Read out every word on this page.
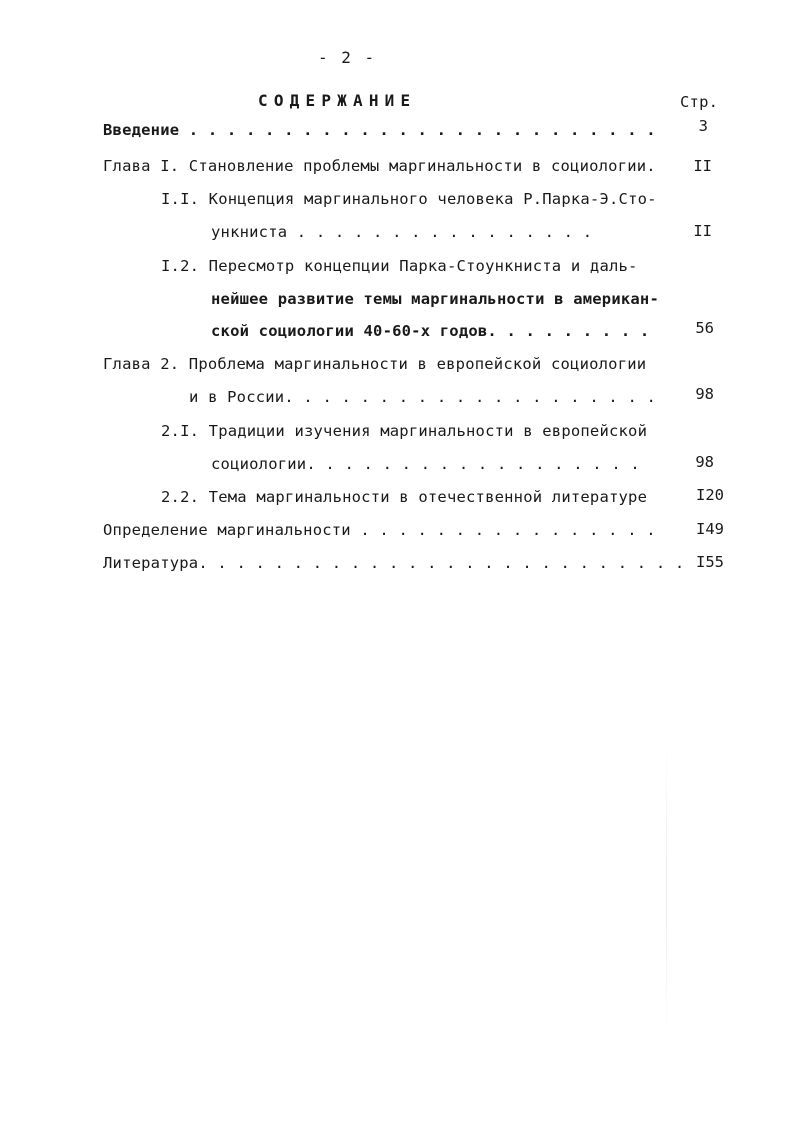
- 2 -
СОДЕРЖАНИЕ	Стр.
Введение . . . . . . . . . . . . . . . . . . . . . . . . .	3
Глава I. Становление проблемы маргинальности в социологии.	II
I.I. Концепция маргинального человека Р.Парка-Э.Сто-
ункниста . . . . . . . . . . . . . . . .	II
I.2. Пересмотр концепции Парка-Стоункниста и даль-
нейшее развитие темы маргинальности в американ-
ской социологии 40-60-х годов. . . . . . . . .	56
Глава 2. Проблема маргинальности в европейской социологии
и в России. . . . . . . . . . . . . . . . . . . .	98
2.I. Традиции изучения маргинальности в европейской
социологии. . . . . . . . . . . . . . . . . .	98
2.2. Тема маргинальности в отечественной литературе	I20
Определение маргинальности . . . . . . . . . . . . . . . .	I49
Литература. . . . . . . . . . . . . . . . . . . . . . . . . . I55
